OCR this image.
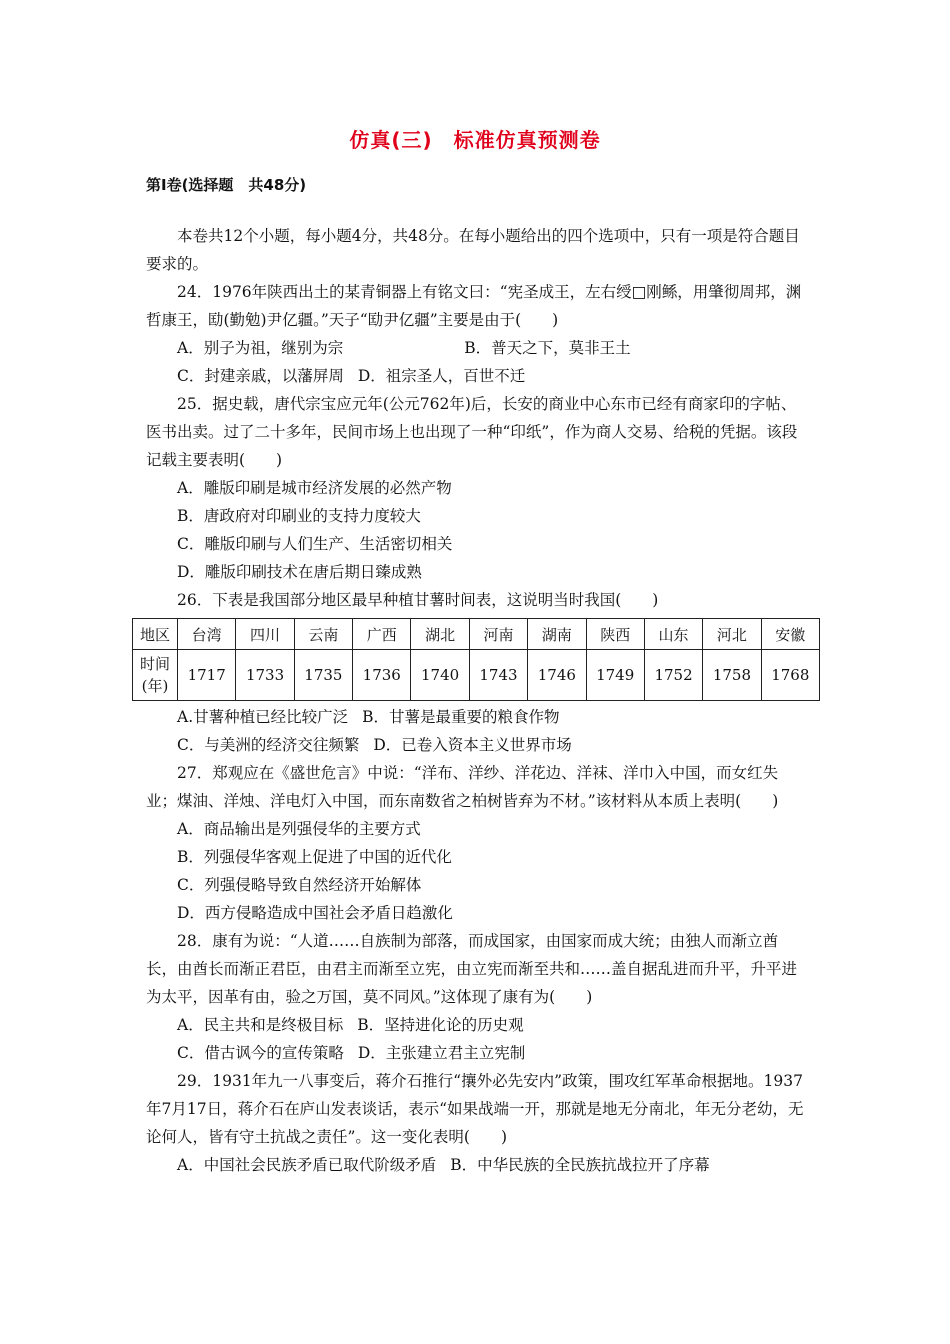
仿真(三)　标准仿真预测卷
第Ⅰ卷(选择题　共48分)

本卷共12个小题，每小题4分，共48分。在每小题给出的四个选项中，只有一项是符合题目要求的。

24．1976年陕西出土的某青铜器上有铭文曰：“宪圣成王，左右绶□刚鲧，用肇彻周邦，渊哲康王，劻(勤勉)尹亿疆。”天子“劻尹亿疆”主要是由于(　　)

A．别子为祖，继别为宗	B．普天之下，莫非王土
C．封建亲戚，以藩屏周 D．祖宗圣人，百世不迁

25．据史载，唐代宗宝应元年(公元762年)后，长安的商业中心东市已经有商家印的字帖、医书出卖。过了二十多年，民间市场上也出现了一种“印纸”，作为商人交易、给税的凭据。该段记载主要表明(　　)

A．雕版印刷是城市经济发展的必然产物
B．唐政府对印刷业的支持力度较大
C．雕版印刷与人们生产、生活密切相关
D．雕版印刷技术在唐后期日臻成熟

26．下表是我国部分地区最早种植甘薯时间表，这说明当时我国(　　)

地区	台湾	四川	云南	广西	湖北	河南	湖南	陕西	山东	河北	安徽
时间(年)	1717	1733	1735	1736	1740	1743	1746	1749	1752	1758	1768
A.甘薯种植已经比较广泛 B．甘薯是最重要的粮食作物
C．与美洲的经济交往频繁 D．已卷入资本主义世界市场

27．郑观应在《盛世危言》中说：“洋布、洋纱、洋花边、洋袜、洋巾入中国，而女红失业；煤油、洋烛、洋电灯入中国，而东南数省之柏树皆弃为不材。”该材料从本质上表明(　　)

A．商品输出是列强侵华的主要方式
B．列强侵华客观上促进了中国的近代化
C．列强侵略导致自然经济开始解体
D．西方侵略造成中国社会矛盾日趋激化

28．康有为说：“人道……自族制为部落，而成国家，由国家而成大统；由独人而渐立酋长，由酋长而渐正君臣，由君主而渐至立宪，由立宪而渐至共和……盖自据乱进而升平，升平进为太平，因革有由，验之万国，莫不同风。”这体现了康有为(　　)

A．民主共和是终极目标 B．坚持进化论的历史观
C．借古讽今的宣传策略 D．主张建立君主立宪制

29．1931年九一八事变后，蒋介石推行“攘外必先安内”政策，围攻红军革命根据地。1937年7月17日，蒋介石在庐山发表谈话，表示“如果战端一开，那就是地无分南北，年无分老幼，无论何人，皆有守土抗战之责任”。这一变化表明(　　)

A．中国社会民族矛盾已取代阶级矛盾 B．中华民族的全民族抗战拉开了序幕
